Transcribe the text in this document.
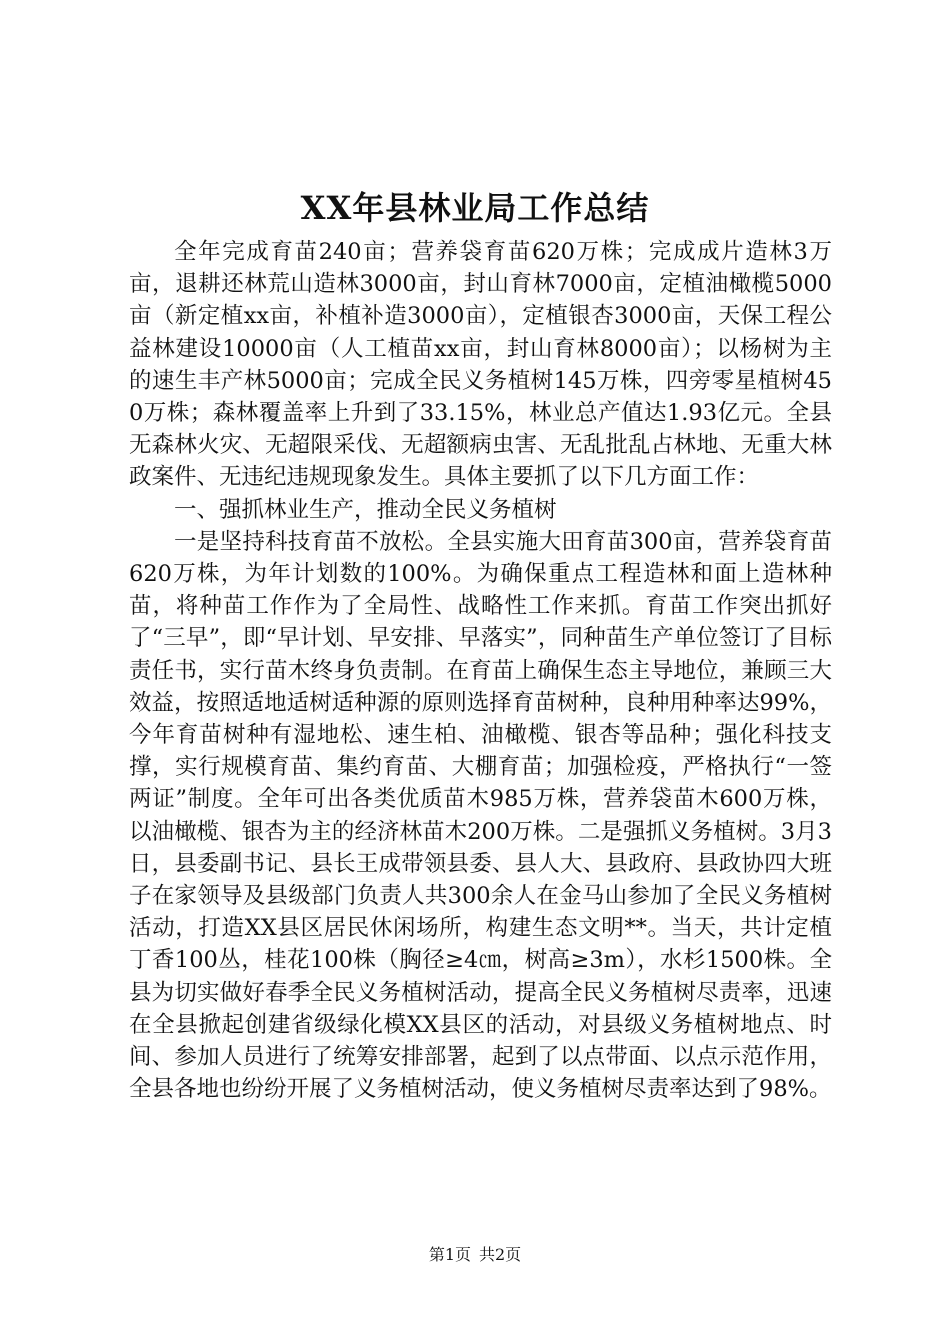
XX年县林业局工作总结

全年完成育苗240亩；营养袋育苗620万株；完成成片造林3万亩，退耕还林荒山造林3000亩，封山育林7000亩，定植油橄榄5000亩（新定植xx亩，补植补造3000亩），定植银杏3000亩，天保工程公益林建设10000亩（人工植苗xx亩，封山育林8000亩）；以杨树为主的速生丰产林5000亩；完成全民义务植树145万株，四旁零星植树450万株；森林覆盖率上升到了33.15%，林业总产值达1.93亿元。全县无森林火灾、无超限采伐、无超额病虫害、无乱批乱占林地、无重大林政案件、无违纪违规现象发生。具体主要抓了以下几方面工作：

一、强抓林业生产，推动全民义务植树

一是坚持科技育苗不放松。全县实施大田育苗300亩，营养袋育苗620万株，为年计划数的100%。为确保重点工程造林和面上造林种苗，将种苗工作作为了全局性、战略性工作来抓。育苗工作突出抓好了“三早”，即“早计划、早安排、早落实”，同种苗生产单位签订了目标责任书，实行苗木终身负责制。在育苗上确保生态主导地位，兼顾三大效益，按照适地适树适种源的原则选择育苗树种，良种用种率达99%，今年育苗树种有湿地松、速生柏、油橄榄、银杏等品种；强化科技支撑，实行规模育苗、集约育苗、大棚育苗；加强检疫，严格执行“一签两证”制度。全年可出各类优质苗木985万株，营养袋苗木600万株，以油橄榄、银杏为主的经济林苗木200万株。二是强抓义务植树。3月3日，县委副书记、县长王成带领县委、县人大、县政府、县政协四大班子在家领导及县级部门负责人共300余人在金马山参加了全民义务植树活动，打造XX县区居民休闲场所，构建生态文明**。当天，共计定植丁香100丛，桂花100株（胸径≥4㎝，树高≥3m），水杉1500株。全县为切实做好春季全民义务植树活动，提高全民义务植树尽责率，迅速在全县掀起创建省级绿化模XX县区的活动，对县级义务植树地点、时间、参加人员进行了统筹安排部署，起到了以点带面、以点示范作用，全县各地也纷纷开展了义务植树活动，使义务植树尽责率达到了98%。

第1页 共2页
